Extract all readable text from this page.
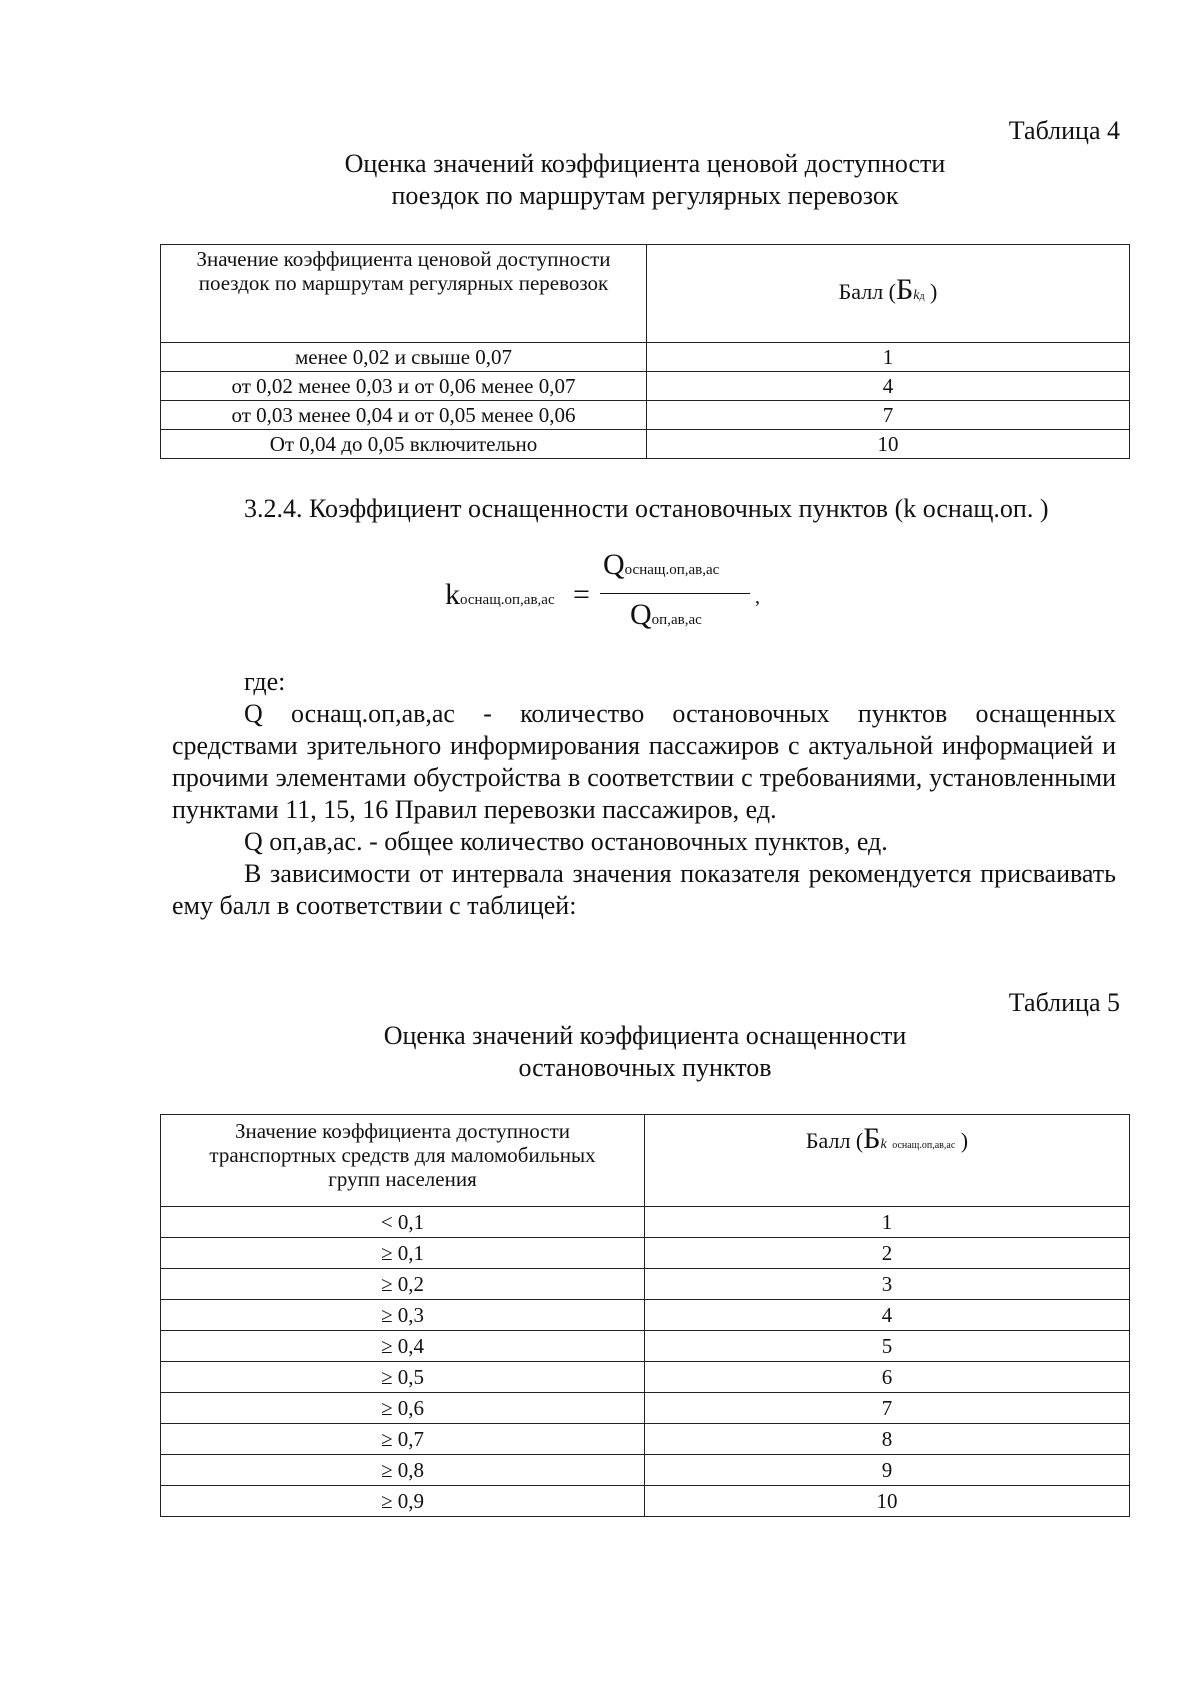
Таблица 4
Оценка значений коэффициента ценовой доступности
поездок по маршрутам регулярных перевозок
Значение коэффициента ценовой доступности
поездок по маршрутам регулярных перевозок	Балл (Бkд )
менее 0,02 и свыше 0,07	1
от 0,02 менее 0,03 и от 0,06 менее 0,07	4
от 0,03 менее 0,04 и от 0,05 менее 0,06	7
От 0,04 до 0,05 включительно	10
3.2.4. Коэффициент оснащенности остановочных пунктов (k оснащ.оп. )
kоснащ.оп,ав,ас =
Qоснащ.оп,ав,ас
Qоп,ав,ас
,

где:

Q оснащ.оп,ав,ас - количество остановочных пунктов оснащенных средствами зрительного информирования пассажиров с актуальной информацией и прочими элементами обустройства в соответствии с требованиями, установленными пунктами 11, 15, 16 Правил перевозки пассажиров, ед.

Q оп,ав,ас. - общее количество остановочных пунктов, ед.

В зависимости от интервала значения показателя рекомендуется присваивать ему балл в соответствии с таблицей:

Таблица 5
Оценка значений коэффициента оснащенности
остановочных пунктов
Значение коэффициента доступности
транспортных средств для маломобильных
групп населения	Балл (Бk оснащ.оп,ав,ас )
< 0,1	1
≥ 0,1	2
≥ 0,2	3
≥ 0,3	4
≥ 0,4	5
≥ 0,5	6
≥ 0,6	7
≥ 0,7	8
≥ 0,8	9
≥ 0,9	10
